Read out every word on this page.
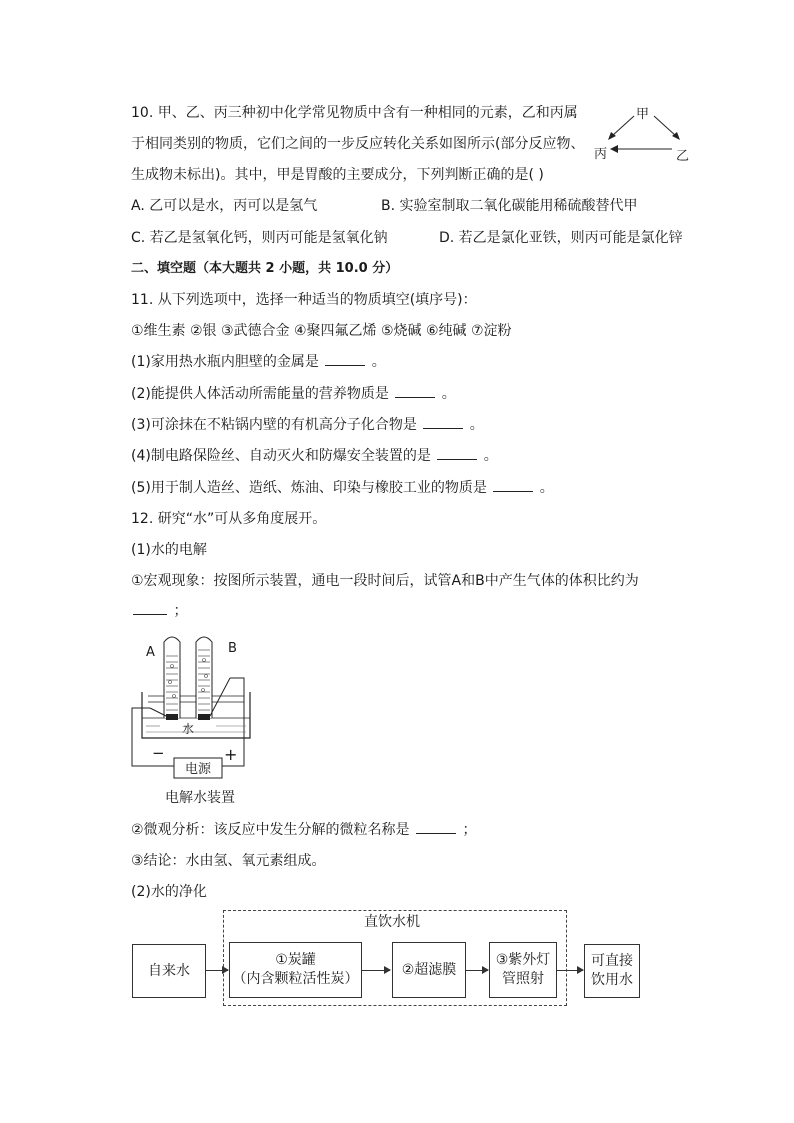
10. 甲、乙、丙三种初中化学常见物质中含有一种相同的元素，乙和丙属
于相同类别的物质，它们之间的一步反应转化关系如图所示(部分反应物、
生成物未标出)。其中，甲是胃酸的主要成分，下列判断正确的是( )
甲
丙	乙
A. 乙可以是水，丙可以是氢气	B. 实验室制取二氧化碳能用稀硫酸替代甲
C. 若乙是氢氧化钙，则丙可能是氢氧化钠	D. 若乙是氯化亚铁，则丙可能是氯化锌
二、填空题（本大题共 2 小题，共 10.0 分）
11. 从下列选项中，选择一种适当的物质填空(填序号)：
①维生素 ②银 ③武德合金 ④聚四氟乙烯 ⑤烧碱 ⑥纯碱 ⑦淀粉
(1)家用热水瓶内胆壁的金属是	。
(2)能提供人体活动所需能量的营养物质是	。
(3)可涂抹在不粘锅内壁的有机高分子化合物是	。
(4)制电路保险丝、自动灭火和防爆安全装置的是	。
(5)用于制人造丝、造纸、炼油、印染与橡胶工业的物质是	。
12. 研究“水”可从多角度展开。
(1)水的电解
①宏观现象：按图所示装置，通电一段时间后，试管A和B中产生气体的体积比约为
；
A	B
水
−	+
电源
电解水装置
②微观分析：该反应中发生分解的微粒名称是	；
③结论：水由氢、氧元素组成。
(2)水的净化
直饮水机
自来水
①炭罐
（内含颗粒活性炭）
②超滤膜
③紫外灯
管照射
可直接
饮用水
